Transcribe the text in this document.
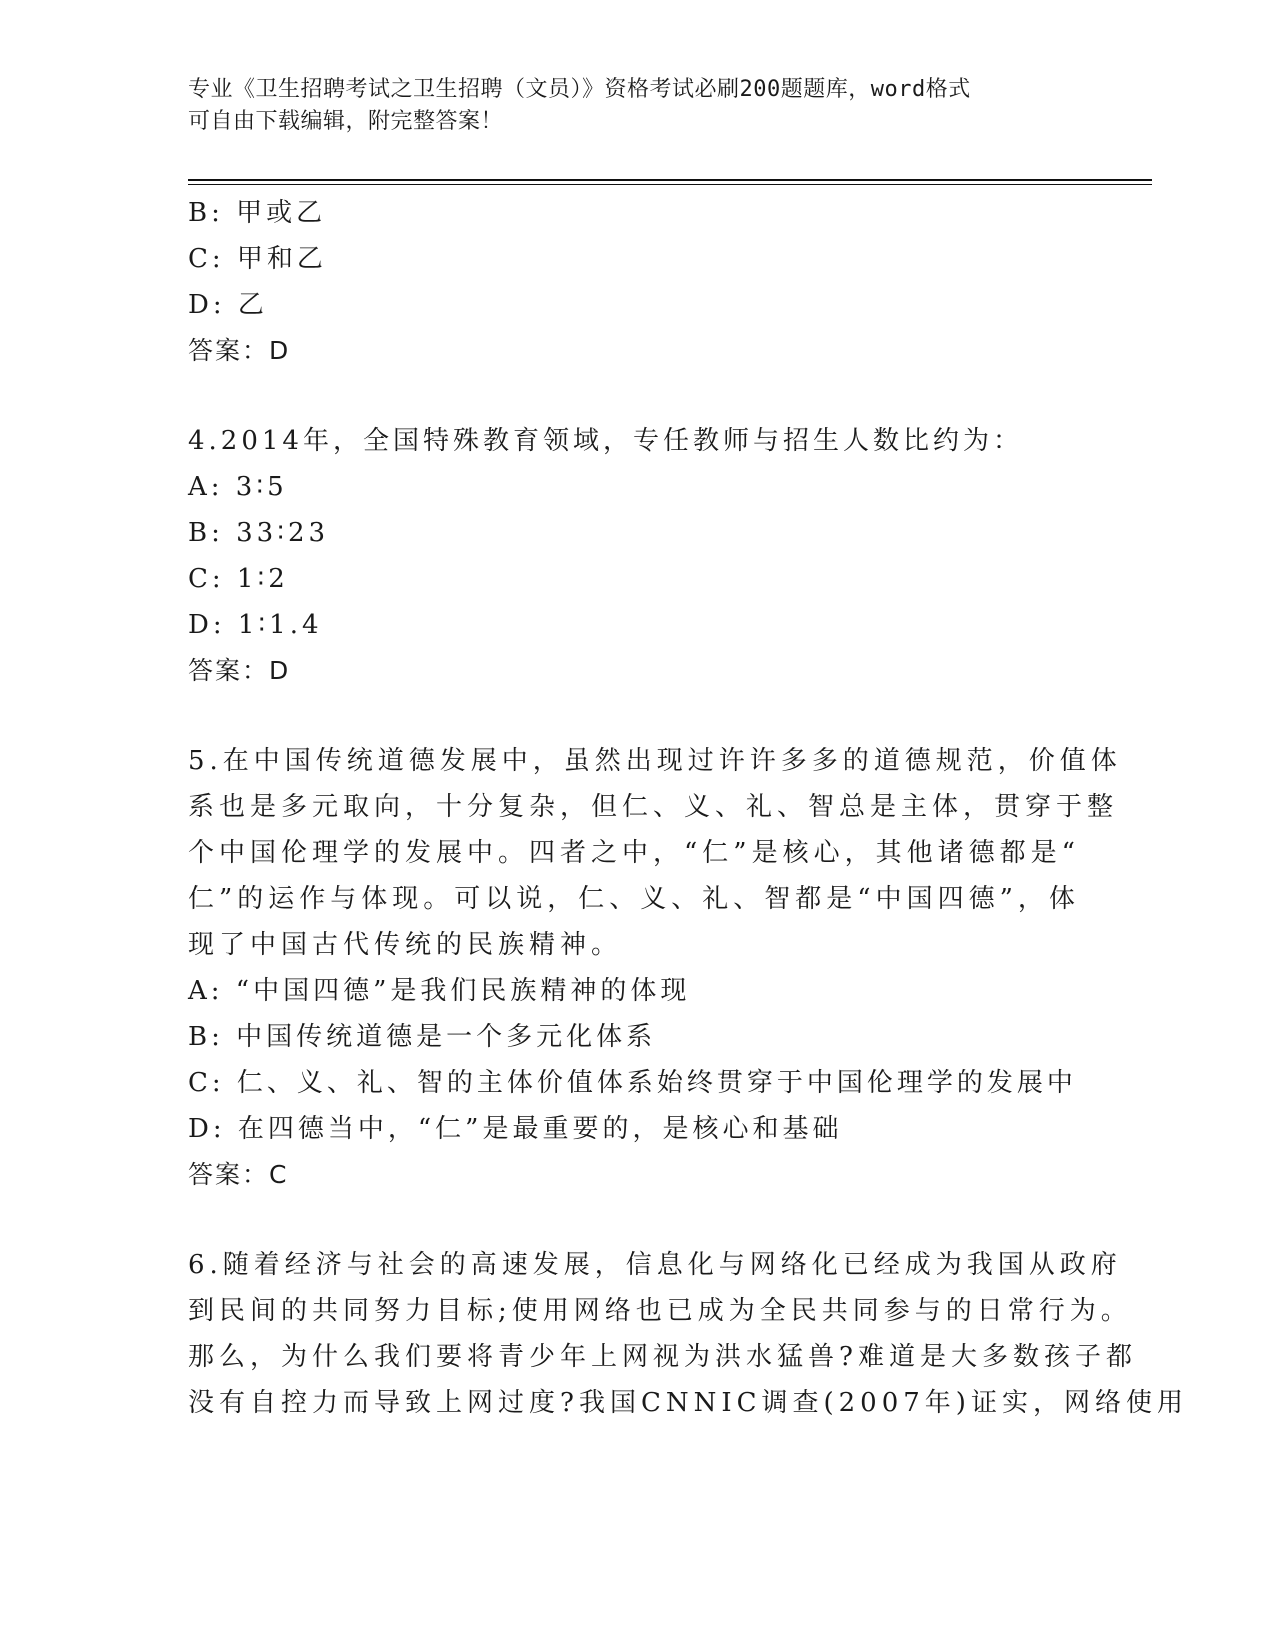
专业《卫生招聘考试之卫生招聘（文员）》资格考试必刷200题题库，word格式
可自由下载编辑，附完整答案！
B: 甲或乙
C: 甲和乙
D: 乙
答案：D
4.2014年，全国特殊教育领域，专任教师与招生人数比约为：
A: 3∶5
B: 33∶23
C: 1∶2
D: 1∶1.4
答案：D
5.在中国传统道德发展中，虽然出现过许许多多的道德规范，价值体
系也是多元取向，十分复杂，但仁、义、礼、智总是主体，贯穿于整
个中国伦理学的发展中。四者之中，“仁”是核心，其他诸德都是“
仁”的运作与体现。可以说，仁、义、礼、智都是“中国四德”，体
现了中国古代传统的民族精神。
A: “中国四德”是我们民族精神的体现
B: 中国传统道德是一个多元化体系
C: 仁、义、礼、智的主体价值体系始终贯穿于中国伦理学的发展中
D: 在四德当中，“仁”是最重要的，是核心和基础
答案：C
6.随着经济与社会的高速发展，信息化与网络化已经成为我国从政府
到民间的共同努力目标;使用网络也已成为全民共同参与的日常行为。
那么，为什么我们要将青少年上网视为洪水猛兽?难道是大多数孩子都
没有自控力而导致上网过度?我国CNNIC调查(2007年)证实，网络使用
